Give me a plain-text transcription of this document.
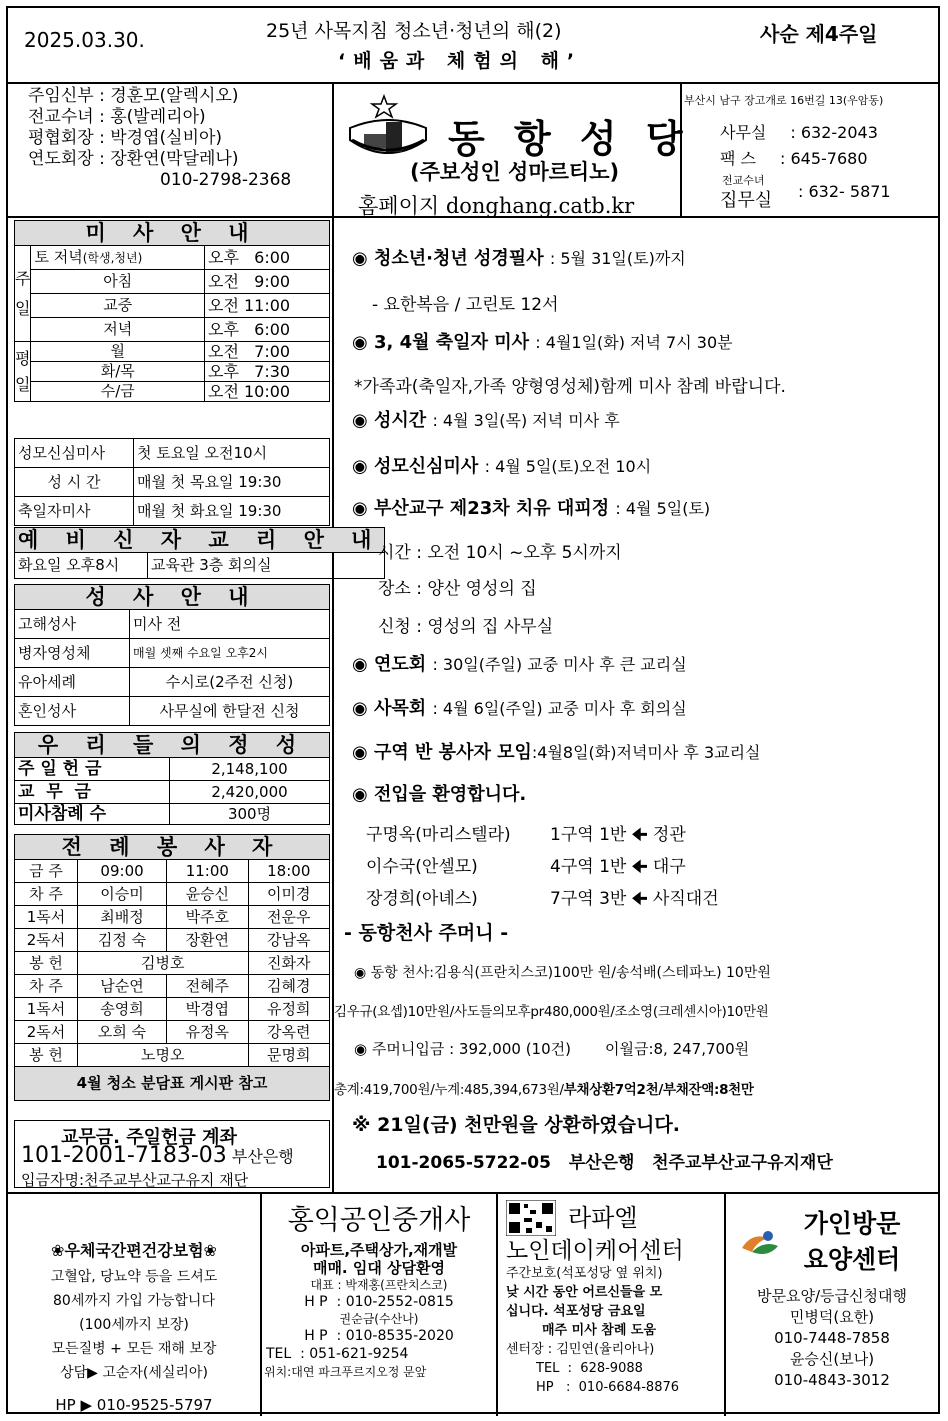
2025.03.30.	25년 사목지침 청소년·청년의 해(2)
‘배움과 체험의 해’
사순 제4주일
주임신부 : 경훈모(알렉시오)
전교수녀 : 홍(발레리아)
평협회장 : 박경엽(실비아)
연도회장 : 장환연(막달레나)
010-2798-2368
동 항 성 당
(주보성인 성마르티노)
홈페이지 donghang.catb.kr
부산시 남구 장고개로 16번길 13(우암동)
사무실 : 632-2043
팩 스 : 645-7680
전교수녀
집무실 : 632- 5871
미 사 안 내		
주일	토 저녁(학생,청년)	오후   6:00
	아침	오전   9:00
	교중	오전 11:00
	저녁	오후   6:00
평일	월	오전   7:00
	화/목	오후   7:30
	수/금	오전 10:00
성모신심미사	첫 토요일 오전10시
성 시 간	매월 첫 목요일 19:30
축일자미사	매월 첫 화요일 19:30
예 비 신 자 교 리 안 내
화요일 오후8시	교육관 3층 회의실
성 사 안 내	
고해성사	미사 전
병자영성체	매월 셋째 수요일 오후2시
유아세례	수시로(2주전 신청)
혼인성사	사무실에 한달전 신청
우 리 들 의 정 성	
주 일 헌 금	2,148,100
교  무  금	2,420,000
미사참례 수	300명
전 례 봉 사 자			
금 주	09:00	11:00	18:00
차 주	이승미	윤승신	이미경
1독서	최배정	박주호	전운우
2독서	김정 숙	장환연	강남옥
봉 헌	김병호		진화자
차 주	남순연	전혜주	김혜경
1독서	송영희	박경엽	유정희
2독서	오희 숙	유정옥	강옥련
봉 헌	노명오		문명희
4월 청소 분담표 게시판 참고			
교무금. 주일헌금 계좌
101-2001-7183-03 부산은행
입금자명:천주교부산교구유지 재단
◉ 청소년·청년 성경필사 : 5월 31일(토)까지
- 요한복음 / 고린토 12서
◉ 3, 4월 축일자 미사 : 4월1일(화) 저녁 7시 30분
*가족과(축일자,가족 양형영성체)함께 미사 참례 바랍니다.
◉ 성시간 : 4월 3일(목) 저녁 미사 후
◉ 성모신심미사 : 4월 5일(토)오전 10시
◉ 부산교구 제23차 치유 대피정 : 4월 5일(토)
시간 : 오전 10시 ~오후 5시까지
장소 : 양산 영성의 집
신청 : 영성의 집 사무실
◉ 연도회 : 30일(주일) 교중 미사 후 큰 교리실
◉ 사목회 : 4월 6일(주일) 교중 미사 후 회의실
◉ 구역 반 봉사자 모임:4월8일(화)저녁미사 후 3교리실
◉ 전입을 환영합니다.
구명옥(마리스텔라) 1구역 1반 🠈 정관
이수국(안셀모)	4구역 1반 🠈 대구
장경희(아녜스)	7구역 3반 🠈 사직대건
- 동항천사 주머니 -
◉ 동항 천사:김용식(프란치스코)100만 원/송석배(스테파노) 10만원
김우규(요셉)10만원/사도들의모후pr480,000원/조소영(크레센시아)10만원
◉ 주머니입금 : 392,000 (10건) 이월금:8, 247,700원
총계:419,700원/누계:485,394,673원/부채상환7억2천/부채잔액:8천만
※ 21일(금) 천만원을 상환하였습니다.
101-2065-5722-05   부산은행   천주교부산교구유지재단
❀우체국간편건강보험❀
고혈압, 당뇨약 등을 드셔도
80세까지 가입 가능합니다
(100세까지 보장)
모든질병 + 모든 재해 보장
상담▶ 고순자(세실리아)
HP ▶ 010-9525-5797
홍익공인중개사
아파트,주택상가,재개발
매매. 임대 상담환영
대표 : 박재홍(프란치스코)
H P  : 010-2552-0815
권순금(수산나)
H P  : 010-8535-2020
TEL  : 051-621-9254
위치:대연 파크푸르지오정 문앞
라파엘
노인데이케어센터
주간보호(석포성당 옆 위치)
낮 시간 동안 어르신들을 모
십니다. 석포성당 금요일
매주 미사 참례 도움
센터장 : 김민연(율리아나)
TEL  :  628-9088
HP   :  010-6684-8876
가인방문
요양센터
방문요양/등급신청대행
민병덕(요한)
010-7448-7858
윤승신(보나)
010-4843-3012
